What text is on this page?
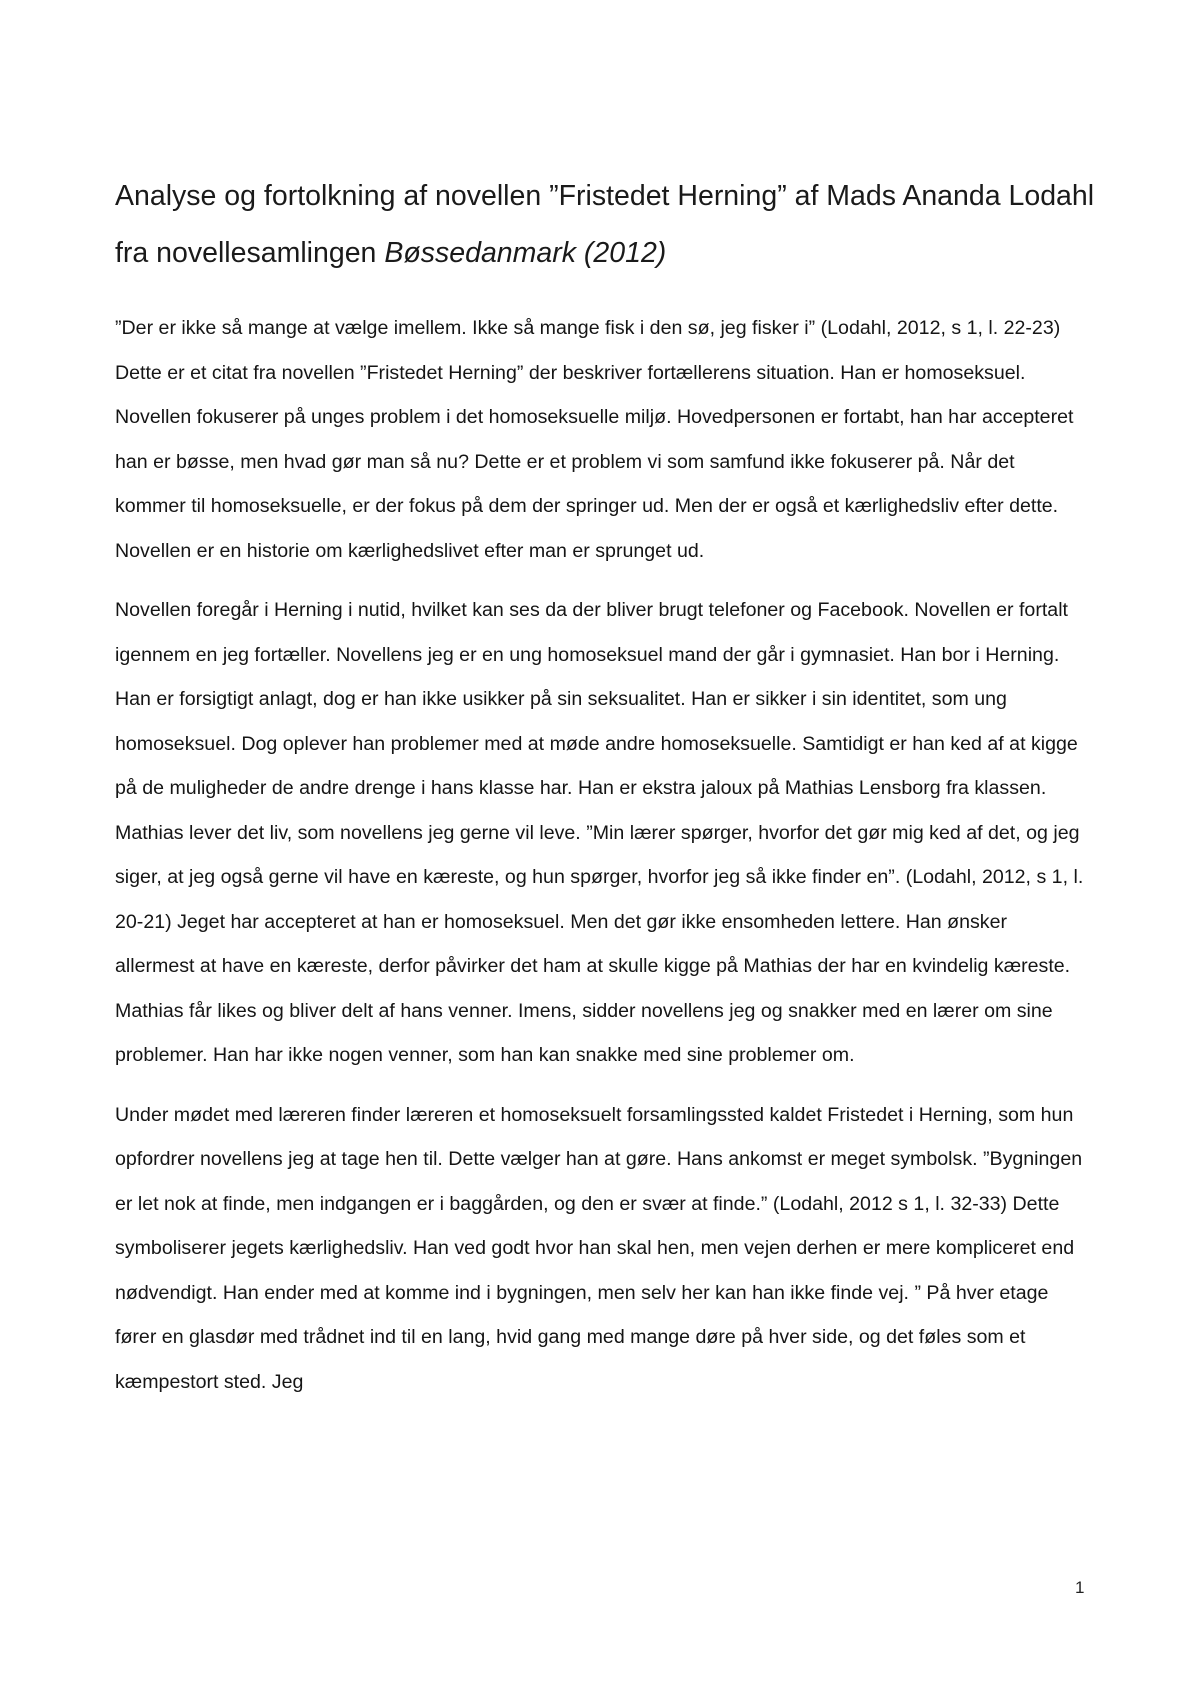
Analyse og fortolkning af novellen ”Fristedet Herning” af Mads Ananda Lodahl fra novellesamlingen Bøssedanmark (2012)

”Der er ikke så mange at vælge imellem. Ikke så mange fisk i den sø, jeg fisker i” (Lodahl, 2012, s 1, l. 22-23) Dette er et citat fra novellen ”Fristedet Herning” der beskriver fortællerens situation. Han er homoseksuel. Novellen fokuserer på unges problem i det homoseksuelle miljø. Hovedpersonen er fortabt, han har accepteret han er bøsse, men hvad gør man så nu? Dette er et problem vi som samfund ikke fokuserer på. Når det kommer til homoseksuelle, er der fokus på dem der springer ud. Men der er også et kærlighedsliv efter dette. Novellen er en historie om kærlighedslivet efter man er sprunget ud.

Novellen foregår i Herning i nutid, hvilket kan ses da der bliver brugt telefoner og Facebook. Novellen er fortalt igennem en jeg fortæller. Novellens jeg er en ung homoseksuel mand der går i gymnasiet. Han bor i Herning. Han er forsigtigt anlagt, dog er han ikke usikker på sin seksualitet. Han er sikker i sin identitet, som ung homoseksuel. Dog oplever han problemer med at møde andre homoseksuelle. Samtidigt er han ked af at kigge på de muligheder de andre drenge i hans klasse har. Han er ekstra jaloux på Mathias Lensborg fra klassen. Mathias lever det liv, som novellens jeg gerne vil leve. ”Min lærer spørger, hvorfor det gør mig ked af det, og jeg siger, at jeg også gerne vil have en kæreste, og hun spørger, hvorfor jeg så ikke finder en”. (Lodahl, 2012, s 1, l. 20-21) Jeget har accepteret at han er homoseksuel. Men det gør ikke ensomheden lettere. Han ønsker allermest at have en kæreste, derfor påvirker det ham at skulle kigge på Mathias der har en kvindelig kæreste. Mathias får likes og bliver delt af hans venner. Imens, sidder novellens jeg og snakker med en lærer om sine problemer. Han har ikke nogen venner, som han kan snakke med sine problemer om.

Under mødet med læreren finder læreren et homoseksuelt forsamlingssted kaldet Fristedet i Herning, som hun opfordrer novellens jeg at tage hen til. Dette vælger han at gøre. Hans ankomst er meget symbolsk. ”Bygningen er let nok at finde, men indgangen er i baggården, og den er svær at finde.” (Lodahl, 2012 s 1, l. 32-33) Dette symboliserer jegets kærlighedsliv. Han ved godt hvor han skal hen, men vejen derhen er mere kompliceret end nødvendigt. Han ender med at komme ind i bygningen, men selv her kan han ikke finde vej. ” På hver etage fører en glasdør med trådnet ind til en lang, hvid gang med mange døre på hver side, og det føles som et kæmpestort sted. Jeg

1
